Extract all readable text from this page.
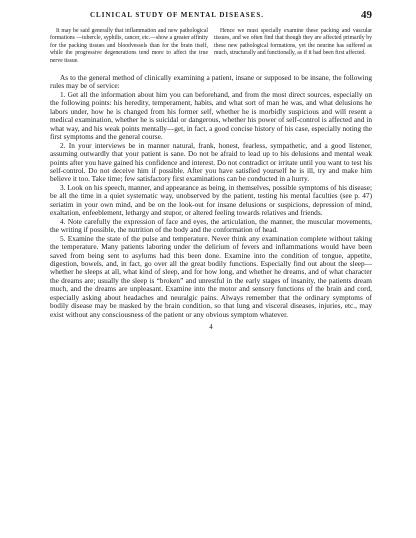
CLINICAL STUDY OF MENTAL DISEASES.	49

It may be said generally that inflammation and new pathological formations —tubercle, syphilis, cancer, etc.—show a greater affinity for the packing tissues and bloodvessels than for the brain itself, while the progressive degenerations tend more to affect the true nerve tissue.

Hence we must specially examine these packing and vascular tissues, and we often find that though they are affected primarily by these new pathological formations, yet the neurine has suffered as much, structurally and functionally, as if it had been first affected.

As to the general method of clinically examining a patient, insane or supposed to be insane, the following rules may be of service:

1. Get all the information about him you can beforehand, and from the most direct sources, especially on the following points: his heredity, temperament, habits, and what sort of man he was, and what delusions he labors under, how he is changed from his former self, whether he is morbidly suspicious and will resent a medical examination, whether he is suicidal or dangerous, whether his power of self-control is affected and in what way, and his weak points mentally—get, in fact, a good concise history of his case, especially noting the first symptoms and the general course.

2. In your interviews be in manner natural, frank, honest, fearless, sympathetic, and a good listener, assuming outwardly that your patient is sane. Do not be afraid to lead up to his delusions and mental weak points after you have gained his confidence and interest. Do not contradict or irritate until you want to test his self-control. Do not deceive him if possible. After you have satisfied yourself he is ill, try and make him believe it too. Take time; few satisfactory first examinations can be conducted in a hurry.

3. Look on his speech, manner, and appearance as being, in themselves, possible symptoms of his disease; be all the time in a quiet systematic way, unobserved by the patient, testing his mental faculties (see p. 47) seriatim in your own mind, and be on the look-out for insane delusions or suspicions, depression of mind, exaltation, enfeeblement, lethargy and stupor, or altered feeling towards relatives and friends.

4. Note carefully the expression of face and eyes, the articulation, the manner, the muscular movements, the writing if possible, the nutrition of the body and the conformation of head.

5. Examine the state of the pulse and temperature. Never think any examination complete without taking the temperature. Many patients laboring under the delirium of fevers and inflammations would have been saved from being sent to asylums had this been done. Examine into the condition of tongue, appetite, digestion, bowels, and, in fact, go over all the great bodily functions. Especially find out about the sleep—whether he sleeps at all, what kind of sleep, and for how long, and whether he dreams, and of what character the dreams are; usually the sleep is “broken” and unrestful in the early stages of insanity, the patients dream much, and the dreams are unpleasant. Examine into the motor and sensory functions of the brain and cord, especially asking about headaches and neuralgic pains. Always remember that the ordinary symptoms of bodily disease may be masked by the brain condition, so that lung and visceral diseases, injuries, etc., may exist without any consciousness of the patient or any obvious symptom whatever.

4
